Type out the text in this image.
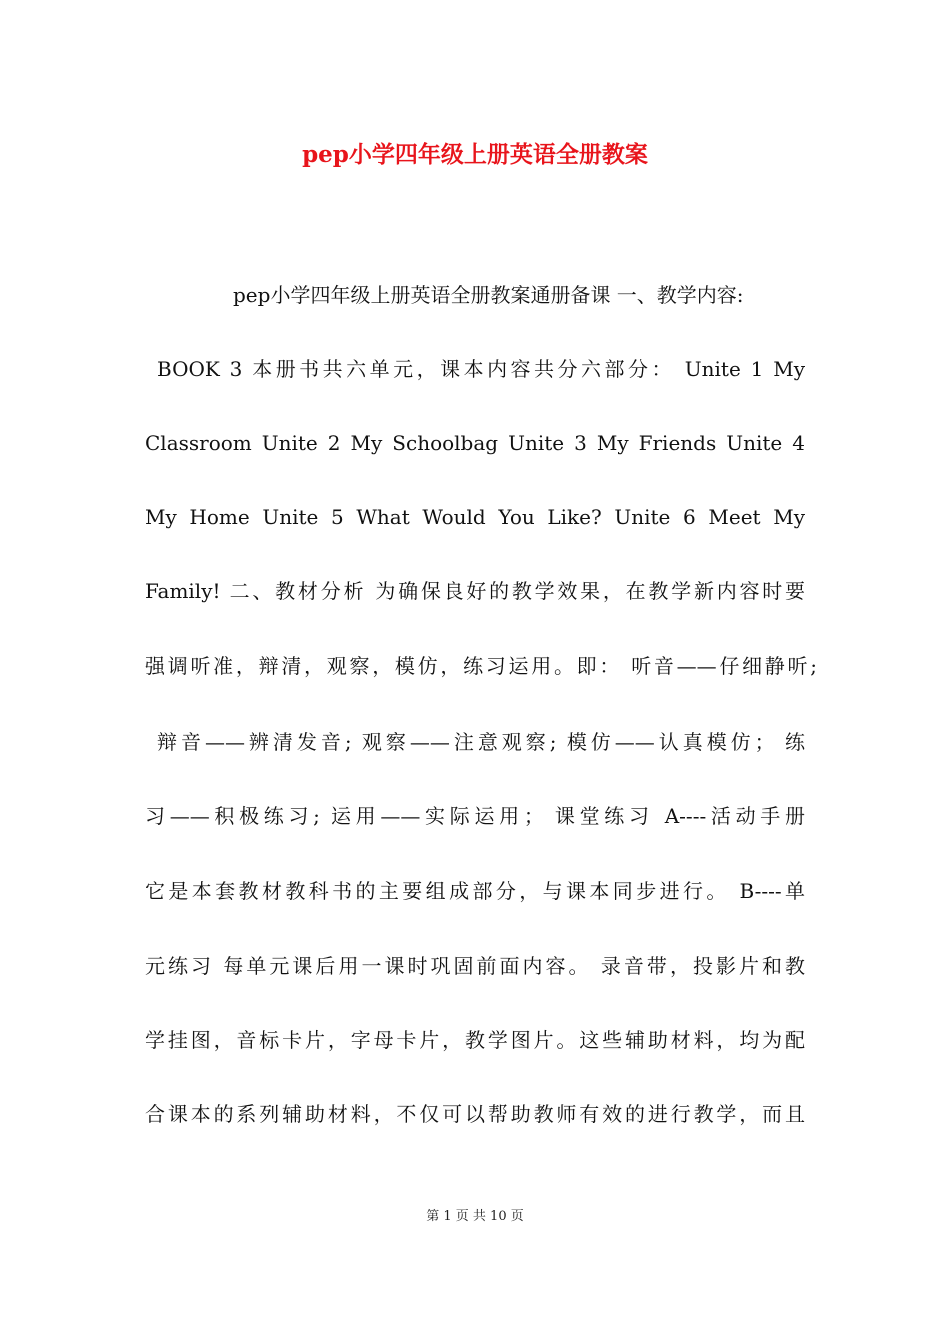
pep小学四年级上册英语全册教案
pep小学四年级上册英语全册教案通册备课 一、教学内容:
BOOK 3 本册书共六单元，课本内容共分六部分： Unite 1 My
Classroom Unite 2 My Schoolbag Unite 3 My Friends Unite 4
My Home Unite 5 What Would You Like? Unite 6 Meet My
Family! 二、教材分析 为确保良好的教学效果，在教学新内容时要
强调听准，辩清，观察，模仿，练习运用。即： 听音——仔细静听;
辩音——辨清发音; 观察——注意观察; 模仿——认真模仿； 练
习——积极练习; 运用——实际运用； 课堂练习 A----活动手册
它是本套教材教科书的主要组成部分，与课本同步进行。 B----单
元练习 每单元课后用一课时巩固前面内容。 录音带，投影片和教
学挂图，音标卡片，字母卡片，教学图片。这些辅助材料，均为配
合课本的系列辅助材料，不仅可以帮助教师有效的进行教学，而且
第 1 页 共 10 页
